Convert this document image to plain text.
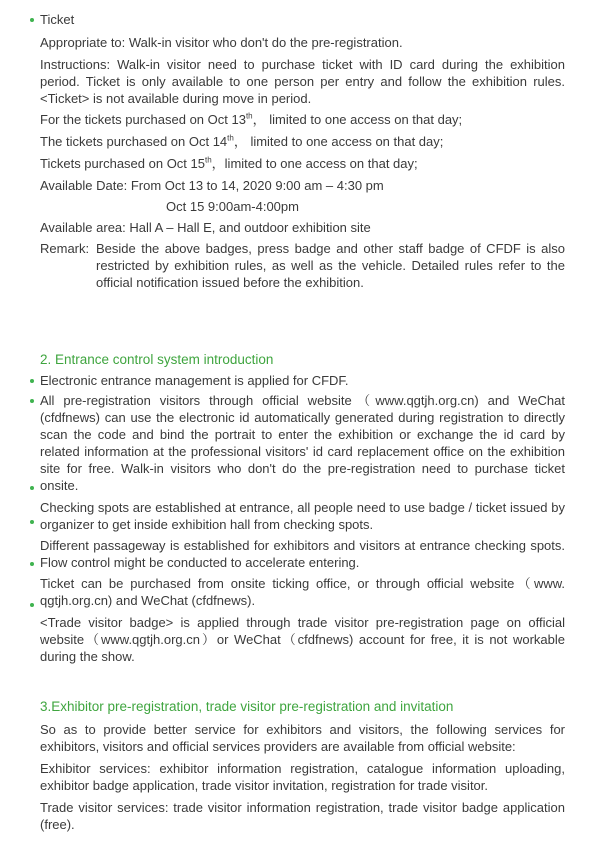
Ticket
Appropriate to: Walk-in visitor who don't do the pre-registration.
Instructions: Walk-in visitor need to purchase ticket with ID card during the exhibition period. Ticket is only available to one person per entry and follow the exhibition rules. <Ticket> is not available during move in period.
For the tickets purchased on Oct 13th， limited to one access on that day;
The tickets purchased on Oct 14th， limited to one access on that day;
Tickets purchased on Oct 15th，limited to one access on that day;
Available Date: From Oct 13 to 14, 2020 9:00 am – 4:30 pm
Oct 15 9:00am-4:00pm
Available area: Hall A – Hall E, and outdoor exhibition site
Remark: Beside the above badges, press badge and other staff badge of CFDF is also restricted by exhibition rules, as well as the vehicle. Detailed rules refer to the official notification issued before the exhibition.
2. Entrance control system introduction
Electronic entrance management is applied for CFDF.
All pre-registration visitors through official website（www.qgtjh.org.cn) and WeChat (cfdfnews) can use the electronic id automatically generated during registration to directly scan the code and bind the portrait to enter the exhibition or exchange the id card by related information at the professional visitors' id card replacement office on the exhibition site for free. Walk-in visitors who don't do the pre-registration need to purchase ticket onsite.
Checking spots are established at entrance, all people need to use badge / ticket issued by organizer to get inside exhibition hall from checking spots.
Different passageway is established for exhibitors and visitors at entrance checking spots. Flow control might be conducted to accelerate entering.
Ticket can be purchased from onsite ticking office, or through official website（www. qgtjh.org.cn) and WeChat (cfdfnews).
<Trade visitor badge> is applied through trade visitor pre-registration page on official website（www.qgtjh.org.cn）or WeChat（cfdfnews) account for free, it is not workable during the show.
3.Exhibitor pre-registration, trade visitor pre-registration and invitation
So as to provide better service for exhibitors and visitors, the following services for exhibitors, visitors and official services providers are available from official website:
Exhibitor services: exhibitor information registration, catalogue information uploading, exhibitor badge application, trade visitor invitation, registration for trade visitor.
Trade visitor services: trade visitor information registration, trade visitor badge application (free).
